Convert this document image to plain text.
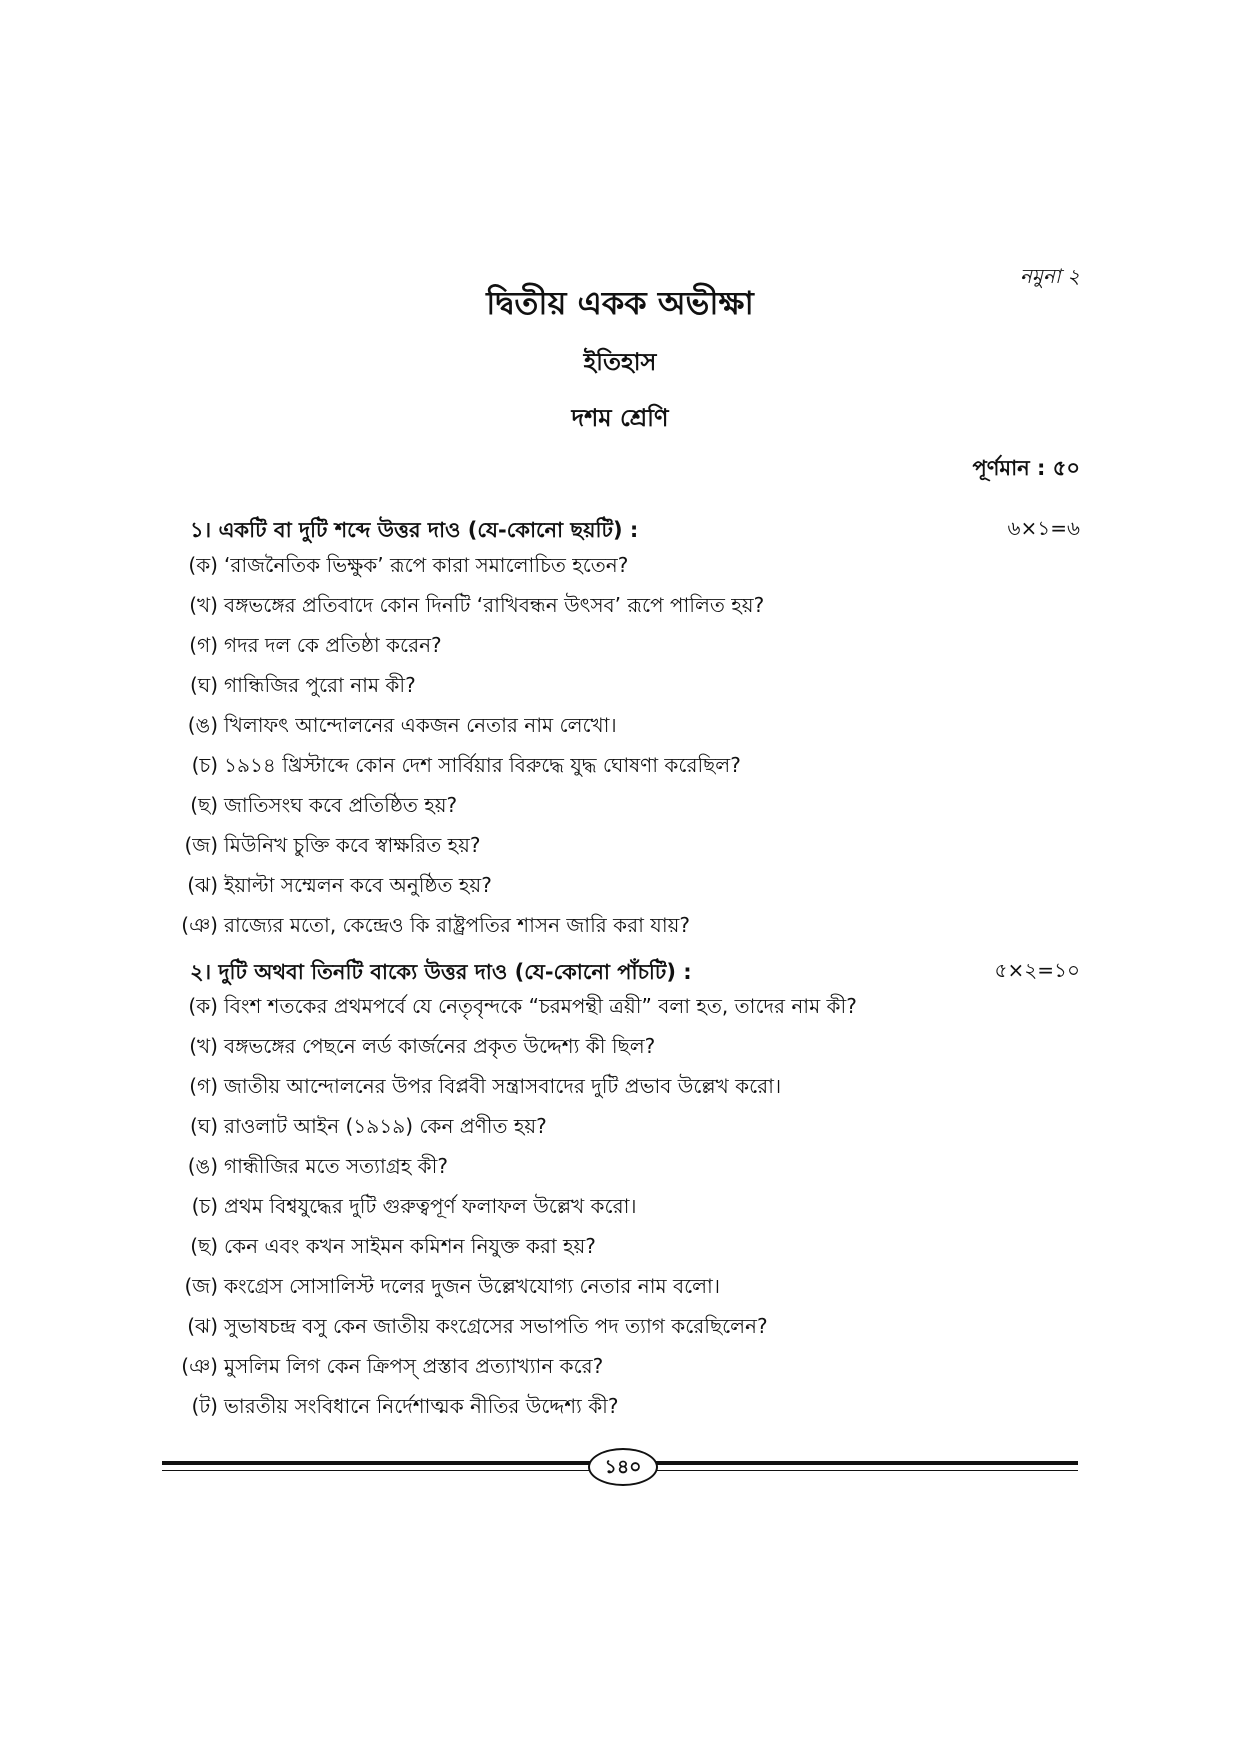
নমুনা ২
দ্বিতীয় একক অভীক্ষা
ইতিহাস
দশম শ্রেণি
পূর্ণমান : ৫০
১। একটি বা দুটি শব্দে উত্তর দাও (যে-কোনো ছয়টি) :	৬×১=৬
(ক) ‘রাজনৈতিক ভিক্ষুক’ রূপে কারা সমালোচিত হতেন?
(খ) বঙ্গভঙ্গের প্রতিবাদে কোন দিনটি ‘রাখিবন্ধন উৎসব’ রূপে পালিত হয়?
(গ) গদর দল কে প্রতিষ্ঠা করেন?
(ঘ) গান্ধিজির পুরো নাম কী?
(ঙ) খিলাফৎ আন্দোলনের একজন নেতার নাম লেখো।
(চ) ১৯১৪ খ্রিস্টাব্দে কোন দেশ সার্বিয়ার বিরুদ্ধে যুদ্ধ ঘোষণা করেছিল?
(ছ) জাতিসংঘ কবে প্রতিষ্ঠিত হয়?
(জ) মিউনিখ চুক্তি কবে স্বাক্ষরিত হয়?
(ঝ) ইয়াল্টা সম্মেলন কবে অনুষ্ঠিত হয়?
(ঞ) রাজ্যের মতো, কেন্দ্রেও কি রাষ্ট্রপতির শাসন জারি করা যায়?
২। দুটি অথবা তিনটি বাক্যে উত্তর দাও (যে-কোনো পাঁচটি) :	৫×২=১০
(ক) বিংশ শতকের প্রথমপর্বে যে নেতৃবৃন্দকে “চরমপন্থী ত্রয়ী” বলা হত, তাদের নাম কী?
(খ) বঙ্গভঙ্গের পেছনে লর্ড কার্জনের প্রকৃত উদ্দেশ্য কী ছিল?
(গ) জাতীয় আন্দোলনের উপর বিপ্লবী সন্ত্রাসবাদের দুটি প্রভাব উল্লেখ করো।
(ঘ) রাওলাট আইন (১৯১৯) কেন প্রণীত হয়?
(ঙ) গান্ধীজির মতে সত্যাগ্রহ কী?
(চ) প্রথম বিশ্বযুদ্ধের দুটি গুরুত্বপূর্ণ ফলাফল উল্লেখ করো।
(ছ) কেন এবং কখন সাইমন কমিশন নিযুক্ত করা হয়?
(জ) কংগ্রেস সোসালিস্ট দলের দুজন উল্লেখযোগ্য নেতার নাম বলো।
(ঝ) সুভাষচন্দ্র বসু কেন জাতীয় কংগ্রেসের সভাপতি পদ ত্যাগ করেছিলেন?
(ঞ) মুসলিম লিগ কেন ক্রিপস্ প্রস্তাব প্রত্যাখ্যান করে?
(ট) ভারতীয় সংবিধানে নির্দেশাত্মক নীতির উদ্দেশ্য কী?
১৪০
